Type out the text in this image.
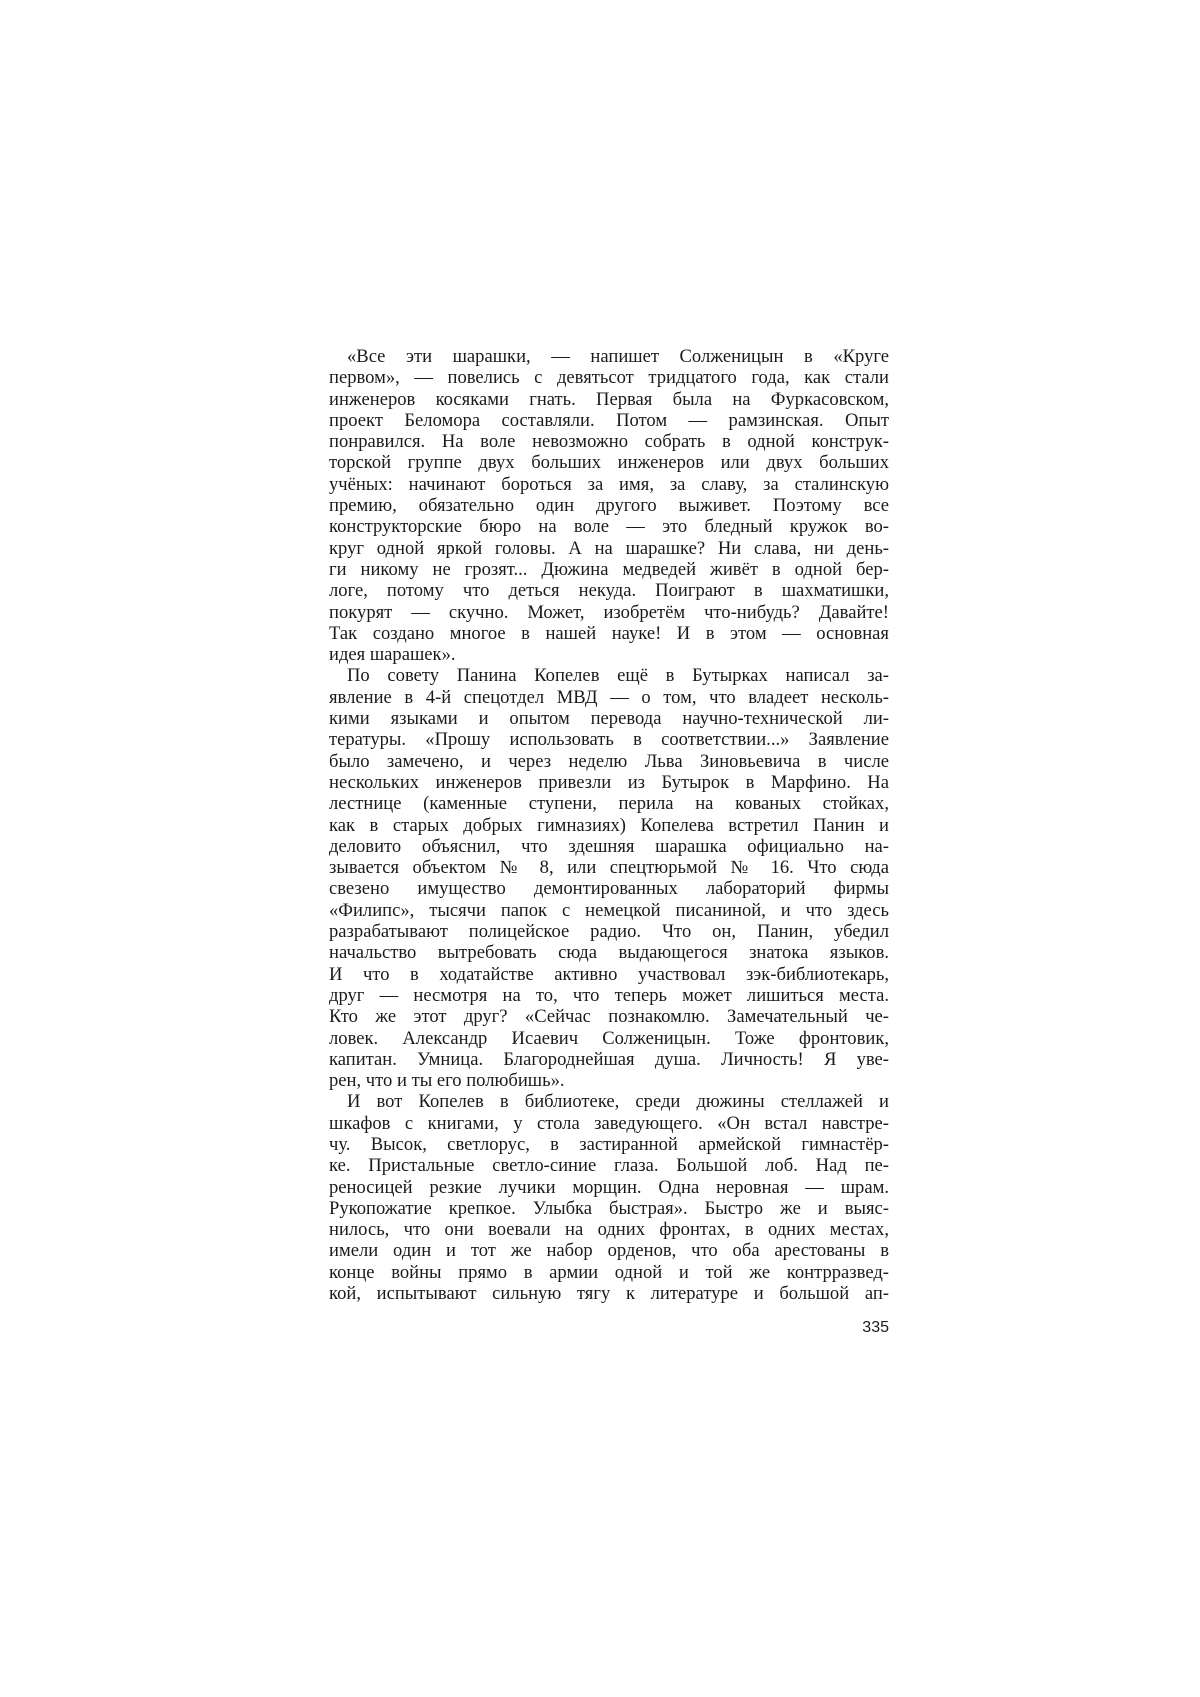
«Все эти шарашки, — напишет Солженицын в «Круге
первом», — повелись с девятьсот тридцатого года, как стали
инженеров косяками гнать. Первая была на Фуркасовском,
проект Беломора составляли. Потом — рамзинская. Опыт
понравился. На воле невозможно собрать в одной конструк-
торской группе двух больших инженеров или двух больших
учёных: начинают бороться за имя, за славу, за сталинскую
премию, обязательно один другого выживет. Поэтому все
конструкторские бюро на воле — это бледный кружок во-
круг одной яркой головы. А на шарашке? Ни слава, ни день-
ги никому не грозят... Дюжина медведей живёт в одной бер-
логе, потому что деться некуда. Поиграют в шахматишки,
покурят — скучно. Может, изобретём что-нибудь? Давайте!
Так создано многое в нашей науке! И в этом — основная
идея шарашек».
По совету Панина Копелев ещё в Бутырках написал за-
явление в 4-й спецотдел МВД — о том, что владеет несколь-
кими языками и опытом перевода научно-технической ли-
тературы. «Прошу использовать в соответствии...» Заявление
было замечено, и через неделю Льва Зиновьевича в числе
нескольких инженеров привезли из Бутырок в Марфино. На
лестнице (каменные ступени, перила на кованых стойках,
как в старых добрых гимназиях) Копелева встретил Панин и
деловито объяснил, что здешняя шарашка официально на-
зывается объектом № 8, или спецтюрьмой № 16. Что сюда
свезено имущество демонтированных лабораторий фирмы
«Филипс», тысячи папок с немецкой писаниной, и что здесь
разрабатывают полицейское радио. Что он, Панин, убедил
начальство вытребовать сюда выдающегося знатока языков.
И что в ходатайстве активно участвовал зэк-библиотекарь,
друг — несмотря на то, что теперь может лишиться места.
Кто же этот друг? «Сейчас познакомлю. Замечательный че-
ловек. Александр Исаевич Солженицын. Тоже фронтовик,
капитан. Умница. Благороднейшая душа. Личность! Я уве-
рен, что и ты его полюбишь».
И вот Копелев в библиотеке, среди дюжины стеллажей и
шкафов с книгами, у стола заведующего. «Он встал навстре-
чу. Высок, светлорус, в застиранной армейской гимнастёр-
ке. Пристальные светло-синие глаза. Большой лоб. Над пе-
реносицей резкие лучики морщин. Одна неровная — шрам.
Рукопожатие крепкое. Улыбка быстрая». Быстро же и выяс-
нилось, что они воевали на одних фронтах, в одних местах,
имели один и тот же набор орденов, что оба арестованы в
конце войны прямо в армии одной и той же контрразвед-
кой, испытывают сильную тягу к литературе и большой ап-
335
